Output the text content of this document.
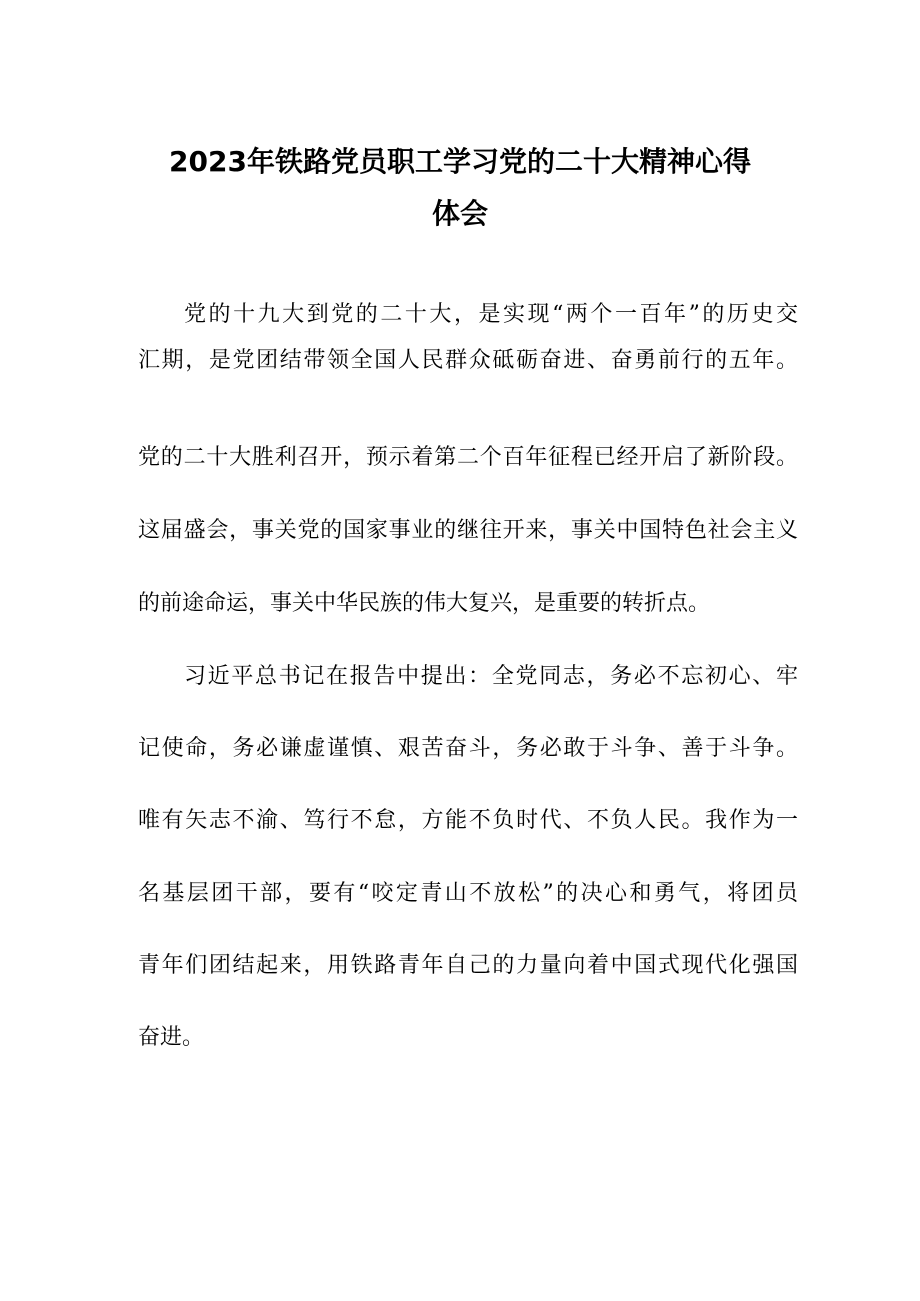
2023年铁路党员职工学习党的二十大精神心得
体会
党的十九大到党的二十大，是实现“两个一百年”的历史交
汇期，是党团结带领全国人民群众砥砺奋进、奋勇前行的五年。
党的二十大胜利召开，预示着第二个百年征程已经开启了新阶段。
这届盛会，事关党的国家事业的继往开来，事关中国特色社会主义
的前途命运，事关中华民族的伟大复兴，是重要的转折点。
习近平总书记在报告中提出：全党同志，务必不忘初心、牢
记使命，务必谦虚谨慎、艰苦奋斗，务必敢于斗争、善于斗争。
唯有矢志不渝、笃行不怠，方能不负时代、不负人民。我作为一
名基层团干部，要有“咬定青山不放松”的决心和勇气，将团员
青年们团结起来，用铁路青年自己的力量向着中国式现代化强国
奋进。
